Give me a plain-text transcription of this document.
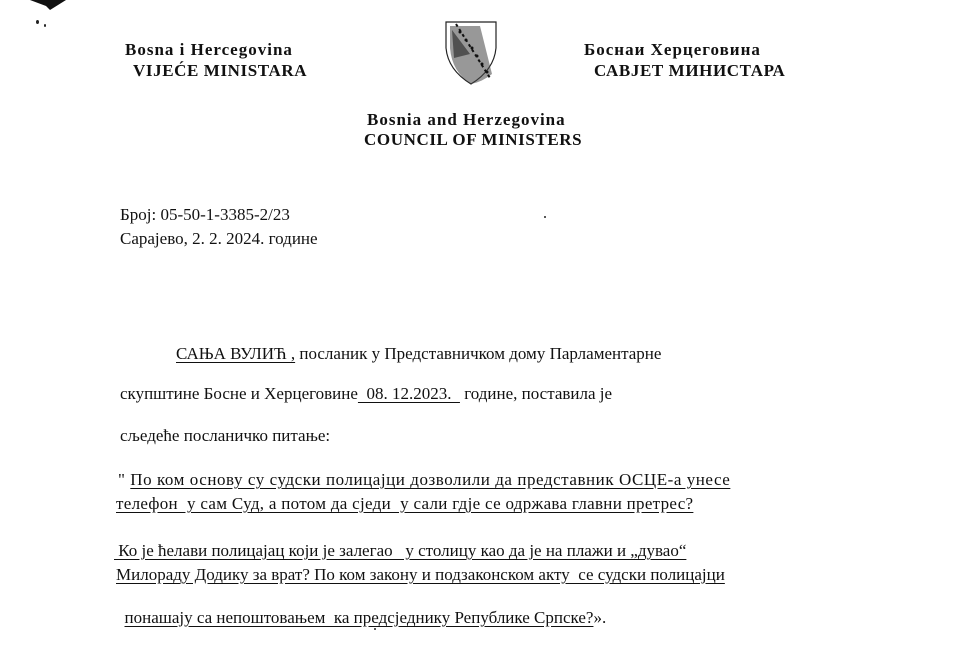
Bosna i Hercegovina
VIJEĆE MINISTARA
Боснаи Херцеговина
САВЈЕТ МИНИСТАРА
Bosnia and Herzegovina
COUNCIL OF MINISTERS
Број: 05-50-1-3385-2/23
Сарајево, 2. 2. 2024. године
САЊА ВУЛИЋ , посланик у Представничком дому Парламентарне
скупштине Босне и Херцеговине  08. 12.2023.   године, поставила је
сљедеће посланичко питање:
" По ком основу су судски полицајци дозволили да представник ОСЦЕ-а унесе
телефон  у сам Суд, а потом да сједи  у сали гдје се одржава главни претрес?
Ко је ћелави полицајац који је залегао   у столицу као да је на плажи и „дувао“
Милораду Додику за врат? По ком закону и подзаконском акту  се судски полицајци

понашају са непоштовањем  ка предсједнику Републике Српске?».
